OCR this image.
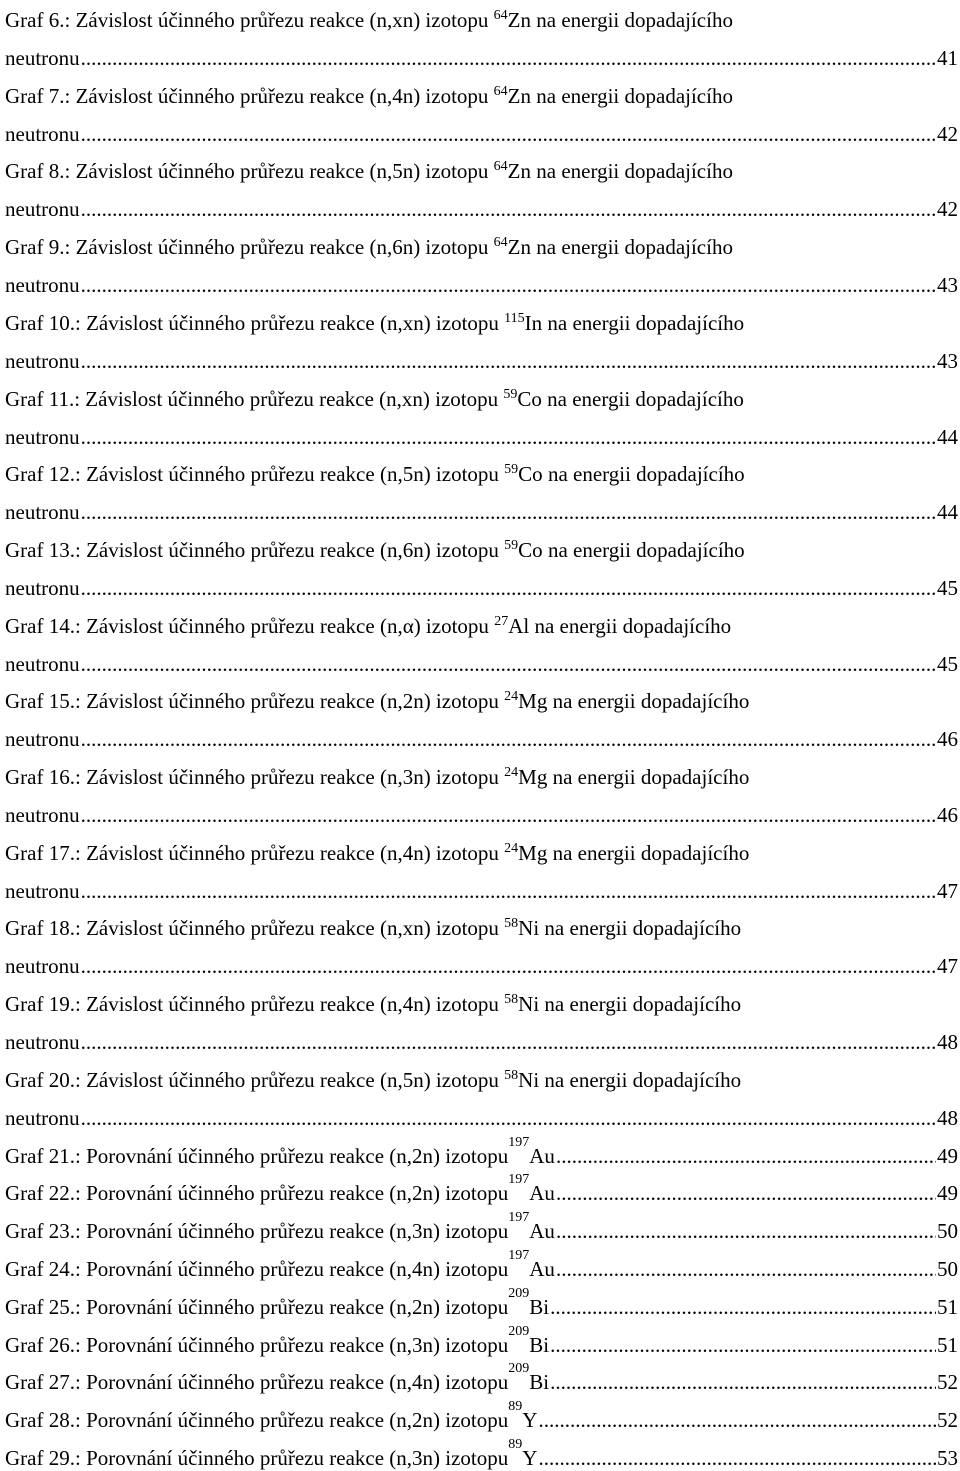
Graf 6.: Závislost účinného průřezu reakce (n,xn) izotopu $^{64}$Zn na energii dopadajícího
neutronu .....	41
Graf 7.: Závislost účinného průřezu reakce (n,4n) izotopu $^{64}$Zn na energii dopadajícího
neutronu .....	42
Graf 8.: Závislost účinného průřezu reakce (n,5n) izotopu $^{64}$Zn na energii dopadajícího
neutronu .....	42
Graf 9.: Závislost účinného průřezu reakce (n,6n) izotopu $^{64}$Zn na energii dopadajícího
neutronu .....	43
Graf 10.: Závislost účinného průřezu reakce (n,xn) izotopu $^{115}$In na energii dopadajícího
neutronu .....	43
Graf 11.: Závislost účinného průřezu reakce (n,xn) izotopu $^{59}$Co na energii dopadajícího
neutronu .....	44
Graf 12.: Závislost účinného průřezu reakce (n,5n) izotopu $^{59}$Co na energii dopadajícího
neutronu .....	44
Graf 13.: Závislost účinného průřezu reakce (n,6n) izotopu $^{59}$Co na energii dopadajícího
neutronu .....	45
Graf 14.: Závislost účinného průřezu reakce (n,α) izotopu $^{27}$Al na energii dopadajícího
neutronu .....	45
Graf 15.: Závislost účinného průřezu reakce (n,2n) izotopu $^{24}$Mg na energii dopadajícího
neutronu .....	46
Graf 16.: Závislost účinného průřezu reakce (n,3n) izotopu $^{24}$Mg na energii dopadajícího
neutronu .....	46
Graf 17.: Závislost účinného průřezu reakce (n,4n) izotopu $^{24}$Mg na energii dopadajícího
neutronu .....	47
Graf 18.: Závislost účinného průřezu reakce (n,xn) izotopu $^{58}$Ni na energii dopadajícího
neutronu .....	47
Graf 19.: Závislost účinného průřezu reakce (n,4n) izotopu $^{58}$Ni na energii dopadajícího
neutronu .....	48
Graf 20.: Závislost účinného průřezu reakce (n,5n) izotopu $^{58}$Ni na energii dopadajícího
neutronu .....	48
Graf 21. : Porovnání účinného průřezu reakce (n,2n) izotopu
197
Au .....	49
Graf 22. : Porovnání účinného průřezu reakce (n,2n) izotopu
197
Au .....	49
Graf 23. : Porovnání účinného průřezu reakce (n,3n) izotopu
197
Au .....	50
Graf 24. : Porovnání účinného průřezu reakce (n,4n) izotopu
197
Au .....	50
Graf 25. : Porovnání účinného průřezu reakce (n,2n) izotopu
209
Bi .....	51
Graf 26. : Porovnání účinného průřezu reakce (n,3n) izotopu
209
Bi .....	51
Graf 27. : Porovnání účinného průřezu reakce (n,4n) izotopu
209
Bi .....	52
Graf 28. : Porovnání účinného průřezu reakce (n,2n) izotopu
89
Y .....	52
Graf 29. : Porovnání účinného průřezu reakce (n,3n) izotopu
89
Y .....	53
